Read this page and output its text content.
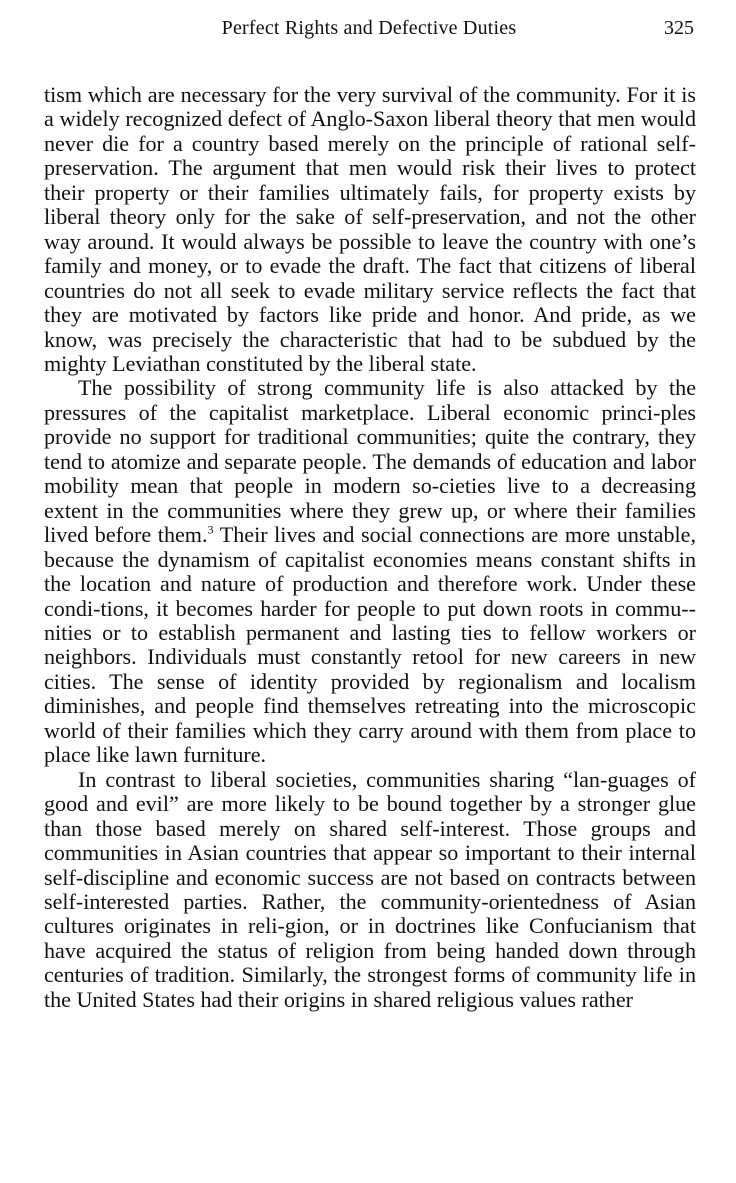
Perfect Rights and Defective Duties	325

tism which are necessary for the very survival of the community. For it is a widely recognized defect of Anglo-Saxon liberal theory that men would never die for a country based merely on the principle of rational self-preservation. The argument that men would risk their lives to protect their property or their families ultimately fails, for property exists by liberal theory only for the sake of self-preservation, and not the other way around. It would always be possible to leave the country with one’s family and money, or to evade the draft. The fact that citizens of liberal countries do not all seek to evade military service reflects the fact that they are motivated by factors like pride and honor. And pride, as we know, was precisely the characteristic that had to be subdued by the mighty Leviathan constituted by the liberal state.

The possibility of strong community life is also attacked by the pressures of the capitalist marketplace. Liberal economic princi-ples provide no support for traditional communities; quite the contrary, they tend to atomize and separate people. The demands of education and labor mobility mean that people in modern so-cieties live to a decreasing extent in the communities where they grew up, or where their families lived before them.$^3$ Their lives and social connections are more unstable, because the dynamism of capitalist economies means constant shifts in the location and nature of production and therefore work. Under these condi-tions, it becomes harder for people to put down roots in commu-nities or to establish permanent and lasting ties to fellow workers or neighbors. Individuals must constantly retool for new careers in new cities. The sense of identity provided by regionalism and localism diminishes, and people find themselves retreating into the microscopic world of their families which they carry around with them from place to place like lawn furniture.

In contrast to liberal societies, communities sharing “lan-guages of good and evil” are more likely to be bound together by a stronger glue than those based merely on shared self-interest. Those groups and communities in Asian countries that appear so important to their internal self-discipline and economic success are not based on contracts between self-interested parties. Rather, the community-orientedness of Asian cultures originates in reli-gion, or in doctrines like Confucianism that have acquired the status of religion from being handed down through centuries of tradition. Similarly, the strongest forms of community life in the United States had their origins in shared religious values rather
